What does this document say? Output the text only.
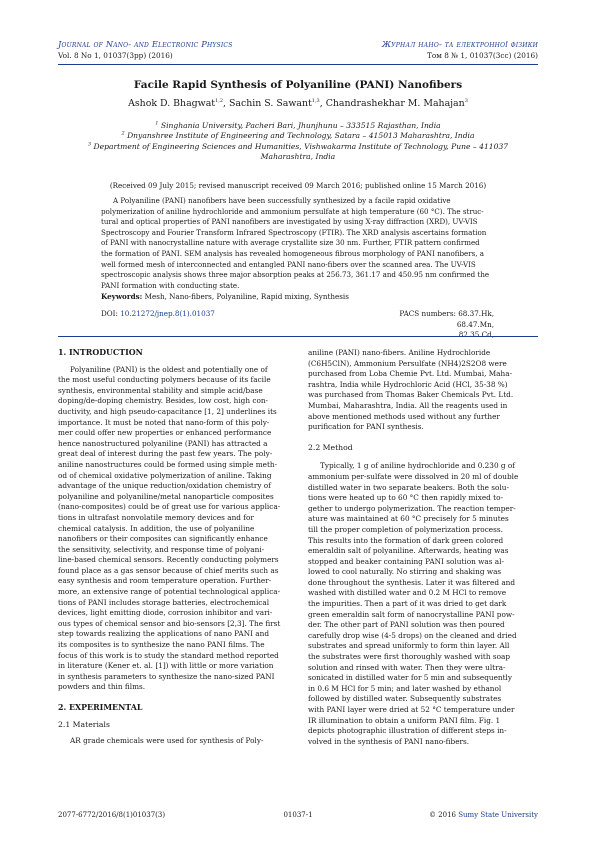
Journal of Nano- and Electronic Physics
Vol. 8 No 1, 01037(3pp) (2016)
Журнал нано- та електронної фізики
Том 8 № 1, 01037(3cc) (2016)
Facile Rapid Synthesis of Polyaniline (PANI) Nanofibers
Ashok D. Bhagwat$^{1,2}$, Sachin S. Sawant$^{1,3}$, Chandrashekhar M. Mahajan$^3$
$^1$ Singhania University, Pacheri Bari, Jhunjhunu – 333515 Rajasthan, India
$^2$ Dnyanshree Institute of Engineering and Technology, Satara – 415013 Maharashtra, India
$^3$ Department of Engineering Sciences and Humanities, Vishwakarma Institute of Technology, Pune – 411037
Maharashtra, India
(Received 09 July 2015; revised manuscript received 09 March 2016; published online 15 March 2016)
A Polyaniline (PANI) nanofibers have been successfully synthesized by a facile rapid oxidative
polymerization of aniline hydrochloride and ammonium persulfate at high temperature (60 °C). The struc-
tural and optical properties of PANI nanofibers are investigated by using X-ray diffraction (XRD), UV-VIS
Spectroscopy and Fourier Transform Infrared Spectroscopy (FTIR). The XRD analysis ascertains formation
of PANI with nanocrystalline nature with average crystallite size 30 nm. Further, FTIR pattern confirmed
the formation of PANI. SEM analysis has revealed homogeneous fibrous morphology of PANI nanofibers, a
well formed mesh of interconnected and entangled PANI nano-fibers over the scanned area. The UV-VIS
spectroscopic analysis shows three major absorption peaks at 256.73, 361.17 and 450.95 nm confirmed the
PANI formation with conducting state.
Keywords: Mesh, Nano-fibers, Polyaniline, Rapid mixing, Synthesis
DOI: 10.21272/jnep.8(1).01037	PACS numbers: 68.37.Hk, 68.47.Mn,
82.35.Cd,
1. INTRODUCTION
Polyaniline (PANI) is the oldest and potentially one of
the most useful conducting polymers because of its facile
synthesis, environmental stability and simple acid/base
doping/de-doping chemistry. Besides, low cost, high con-
ductivity, and high pseudo-capacitance [1, 2] underlines its
importance. It must be noted that nano-form of this poly-
mer could offer new properties or enhanced performance
hence nanostructured polyaniline (PANI) has attracted a
great deal of interest during the past few years. The poly-
aniline nanostructures could be formed using simple meth-
od of chemical oxidative polymerization of aniline. Taking
advantage of the unique reduction/oxidation chemistry of
polyaniline and polyaniline/metal nanoparticle composites
(nano-composites) could be of great use for various applica-
tions in ultrafast nonvolatile memory devices and for
chemical catalysis. In addition, the use of polyaniline
nanofibers or their composites can significantly enhance
the sensitivity, selectivity, and response time of polyani-
line-based chemical sensors. Recently conducting polymers
found place as a gas sensor because of chief merits such as
easy synthesis and room temperature operation. Further-
more, an extensive range of potential technological applica-
tions of PANI includes storage batteries, electrochemical
devices, light emitting diode, corrosion inhibitor and vari-
ous types of chemical sensor and bio-sensors [2,3]. The first
step towards realizing the applications of nano PANI and
its composites is to synthesize the nano PANI films. The
focus of this work is to study the standard method reported
in literature (Kener et. al. [1]) with little or more variation
in synthesis parameters to synthesize the nano-sized PANI
powders and thin films.
2. EXPERIMENTAL
2.1 Materials
AR grade chemicals were used for synthesis of Poly-
aniline (PANI) nano-fibers. Aniline Hydrochloride
(C6H5ClN), Ammonium Persulfate (NH4)2S2O8 were
purchased from Loba Chemie Pvt. Ltd. Mumbai, Maha-
rashtra, India while Hydrochloric Acid (HCl, 35-38 %)
was purchased from Thomas Baker Chemicals Pvt. Ltd.
Mumbai, Maharashtra, India. All the reagents used in
above mentioned methods used without any further
purification for PANI synthesis.
2.2 Method
Typically, 1 g of aniline hydrochloride and 0.230 g of
ammonium per-sulfate were dissolved in 20 ml of double
distilled water in two separate beakers. Both the solu-
tions were heated up to 60 °C then rapidly mixed to-
gether to undergo polymerization. The reaction temper-
ature was maintained at 60 °C precisely for 5 minutes
till the proper completion of polymerization process.
This results into the formation of dark green colored
emeraldin salt of polyaniline. Afterwards, heating was
stopped and beaker containing PANI solution was al-
lowed to cool naturally. No stirring and shaking was
done throughout the synthesis. Later it was filtered and
washed with distilled water and 0.2 M HCl to remove
the impurities. Then a part of it was dried to get dark
green emeraldin salt form of nanocrystalline PANI pow-
der. The other part of PANI solution was then poured
carefully drop wise (4-5 drops) on the cleaned and dried
substrates and spread uniformly to form thin layer. All
the substrates were first thoroughly washed with soap
solution and rinsed with water. Then they were ultra-
sonicated in distilled water for 5 min and subsequently
in 0.6 M HCl for 5 min; and later washed by ethanol
followed by distilled water. Subsequently substrates
with PANI layer were dried at 52 °C temperature under
IR illumination to obtain a uniform PANI film. Fig. 1
depicts photographic illustration of different steps in-
volved in the synthesis of PANI nano-fibers.
2077-6772/2016/8(1)01037(3)	01037-1	© 2016 Sumy State University
